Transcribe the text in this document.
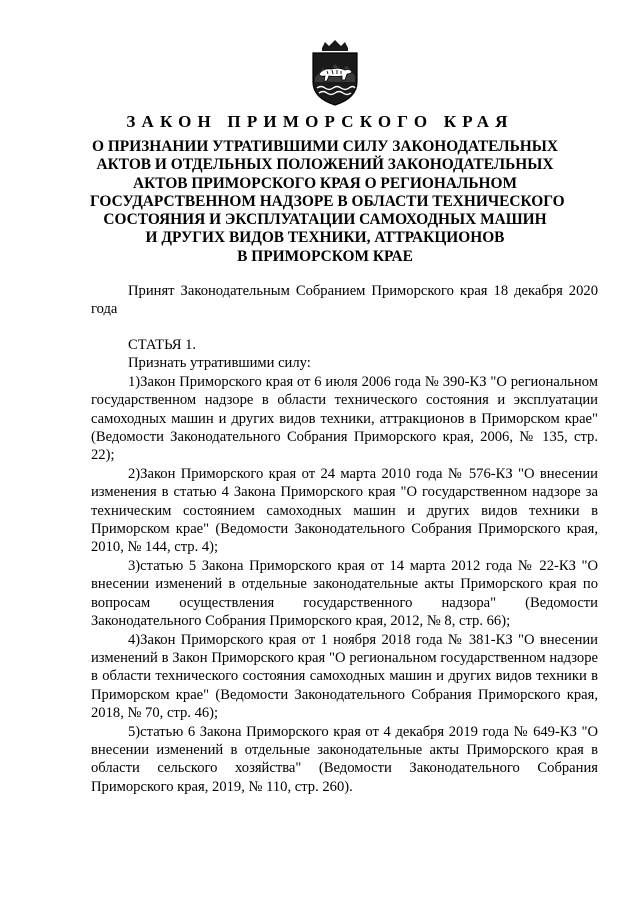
ЗАКОН ПРИМОРСКОГО КРАЯ
О ПРИЗНАНИИ УТРАТИВШИМИ СИЛУ ЗАКОНОДАТЕЛЬНЫХ
АКТОВ И ОТДЕЛЬНЫХ ПОЛОЖЕНИЙ ЗАКОНОДАТЕЛЬНЫХ
АКТОВ ПРИМОРСКОГО КРАЯ О РЕГИОНАЛЬНОМ
ГОСУДАРСТВЕННОМ НАДЗОРЕ В ОБЛАСТИ ТЕХНИЧЕСКОГО
СОСТОЯНИЯ И ЭКСПЛУАТАЦИИ САМОХОДНЫХ МАШИН
И ДРУГИХ ВИДОВ ТЕХНИКИ, АТТРАКЦИОНОВ
В ПРИМОРСКОМ КРАЕ
Принят Законодательным Собранием Приморского края 18 декабря 2020 года
СТАТЬЯ 1.
Признать утратившими силу:
1)Закон Приморского края от 6 июля 2006 года № 390-КЗ "О региональном государственном надзоре в области технического состояния и эксплуатации самоходных машин и других видов техники, аттракционов в Приморском крае" (Ведомости Законодательного Собрания Приморского края, 2006, № 135, стр. 22);
2)Закон Приморского края от 24 марта 2010 года № 576-КЗ "О внесении изменения в статью 4 Закона Приморского края "О государственном надзоре за техническим состоянием самоходных машин и других видов техники в Приморском крае" (Ведомости Законодательного Собрания Приморского края, 2010, № 144, стр. 4);
3)статью 5 Закона Приморского края от 14 марта 2012 года № 22-КЗ "О внесении изменений в отдельные законодательные акты Приморского края по вопросам осуществления государственного надзора" (Ведомости Законодательного Собрания Приморского края, 2012, № 8, стр. 66);
4)Закон Приморского края от 1 ноября 2018 года № 381-КЗ "О внесении изменений в Закон Приморского края "О региональном государственном надзоре в области технического состояния самоходных машин и других видов техники в Приморском крае" (Ведомости Законодательного Собрания Приморского края, 2018, № 70, стр. 46);
5)статью 6 Закона Приморского края от 4 декабря 2019 года № 649-КЗ "О внесении изменений в отдельные законодательные акты Приморского края в области сельского хозяйства" (Ведомости Законодательного Собрания Приморского края, 2019, № 110, стр. 260).
